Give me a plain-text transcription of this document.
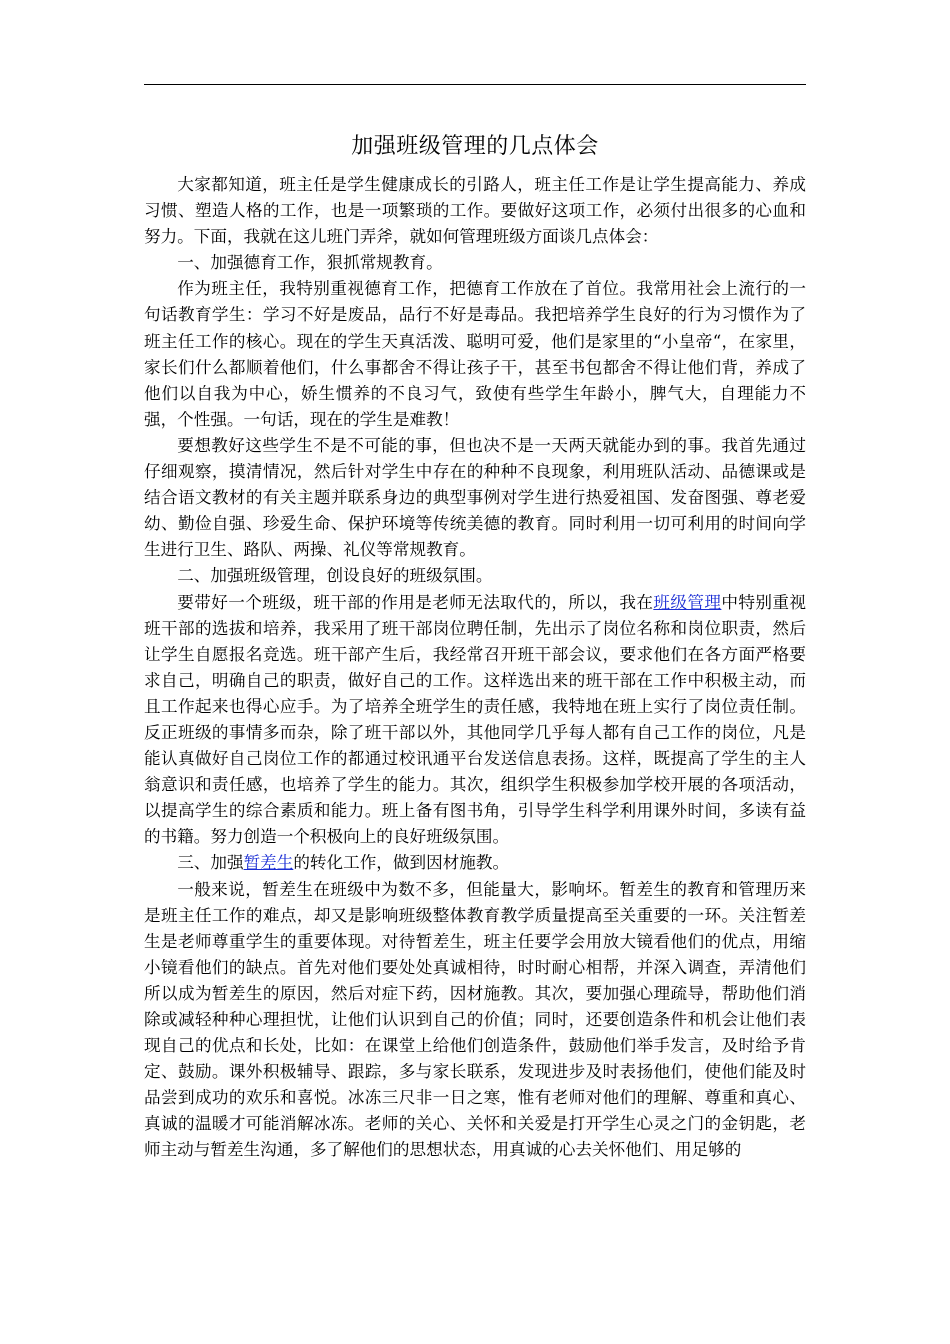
加强班级管理的几点体会

大家都知道，班主任是学生健康成长的引路人，班主任工作是让学生提高能力、养成习惯、塑造人格的工作，也是一项繁琐的工作。要做好这项工作，必须付出很多的心血和努力。下面，我就在这儿班门弄斧，就如何管理班级方面谈几点体会：

一、加强德育工作，狠抓常规教育。

作为班主任，我特别重视德育工作，把德育工作放在了首位。我常用社会上流行的一句话教育学生：学习不好是废品，品行不好是毒品。我把培养学生良好的行为习惯作为了班主任工作的核心。现在的学生天真活泼、聪明可爱，他们是家里的“小皇帝“，在家里，家长们什么都顺着他们，什么事都舍不得让孩子干，甚至书包都舍不得让他们背，养成了他们以自我为中心，娇生惯养的不良习气，致使有些学生年龄小，脾气大，自理能力不强，个性强。一句话，现在的学生是难教！

要想教好这些学生不是不可能的事，但也决不是一天两天就能办到的事。我首先通过仔细观察，摸清情况，然后针对学生中存在的种种不良现象，利用班队活动、品德课或是结合语文教材的有关主题并联系身边的典型事例对学生进行热爱祖国、发奋图强、尊老爱幼、勤俭自强、珍爱生命、保护环境等传统美德的教育。同时利用一切可利用的时间向学生进行卫生、路队、两操、礼仪等常规教育。

二、加强班级管理，创设良好的班级氛围。

要带好一个班级，班干部的作用是老师无法取代的，所以，我在班级管理中特别重视班干部的选拔和培养，我采用了班干部岗位聘任制，先出示了岗位名称和岗位职责，然后让学生自愿报名竞选。班干部产生后，我经常召开班干部会议，要求他们在各方面严格要求自己，明确自己的职责，做好自己的工作。这样选出来的班干部在工作中积极主动，而且工作起来也得心应手。为了培养全班学生的责任感，我特地在班上实行了岗位责任制。反正班级的事情多而杂，除了班干部以外，其他同学几乎每人都有自己工作的岗位，凡是能认真做好自己岗位工作的都通过校讯通平台发送信息表扬。这样，既提高了学生的主人翁意识和责任感，也培养了学生的能力。其次，组织学生积极参加学校开展的各项活动，以提高学生的综合素质和能力。班上备有图书角，引导学生科学利用课外时间，多读有益的书籍。努力创造一个积极向上的良好班级氛围。

三、加强暂差生的转化工作，做到因材施教。

一般来说，暂差生在班级中为数不多，但能量大，影响坏。暂差生的教育和管理历来是班主任工作的难点，却又是影响班级整体教育教学质量提高至关重要的一环。关注暂差生是老师尊重学生的重要体现。对待暂差生，班主任要学会用放大镜看他们的优点，用缩小镜看他们的缺点。首先对他们要处处真诚相待，时时耐心相帮，并深入调查，弄清他们所以成为暂差生的原因，然后对症下药，因材施教。其次，要加强心理疏导，帮助他们消除或减轻种种心理担忧，让他们认识到自己的价值；同时，还要创造条件和机会让他们表现自己的优点和长处，比如：在课堂上给他们创造条件，鼓励他们举手发言，及时给予肯定、鼓励。课外积极辅导、跟踪，多与家长联系，发现进步及时表扬他们，使他们能及时品尝到成功的欢乐和喜悦。冰冻三尺非一日之寒，惟有老师对他们的理解、尊重和真心、真诚的温暖才可能消解冰冻。老师的关心、关怀和关爱是打开学生心灵之门的金钥匙，老师主动与暂差生沟通，多了解他们的思想状态，用真诚的心去关怀他们、用足够的
